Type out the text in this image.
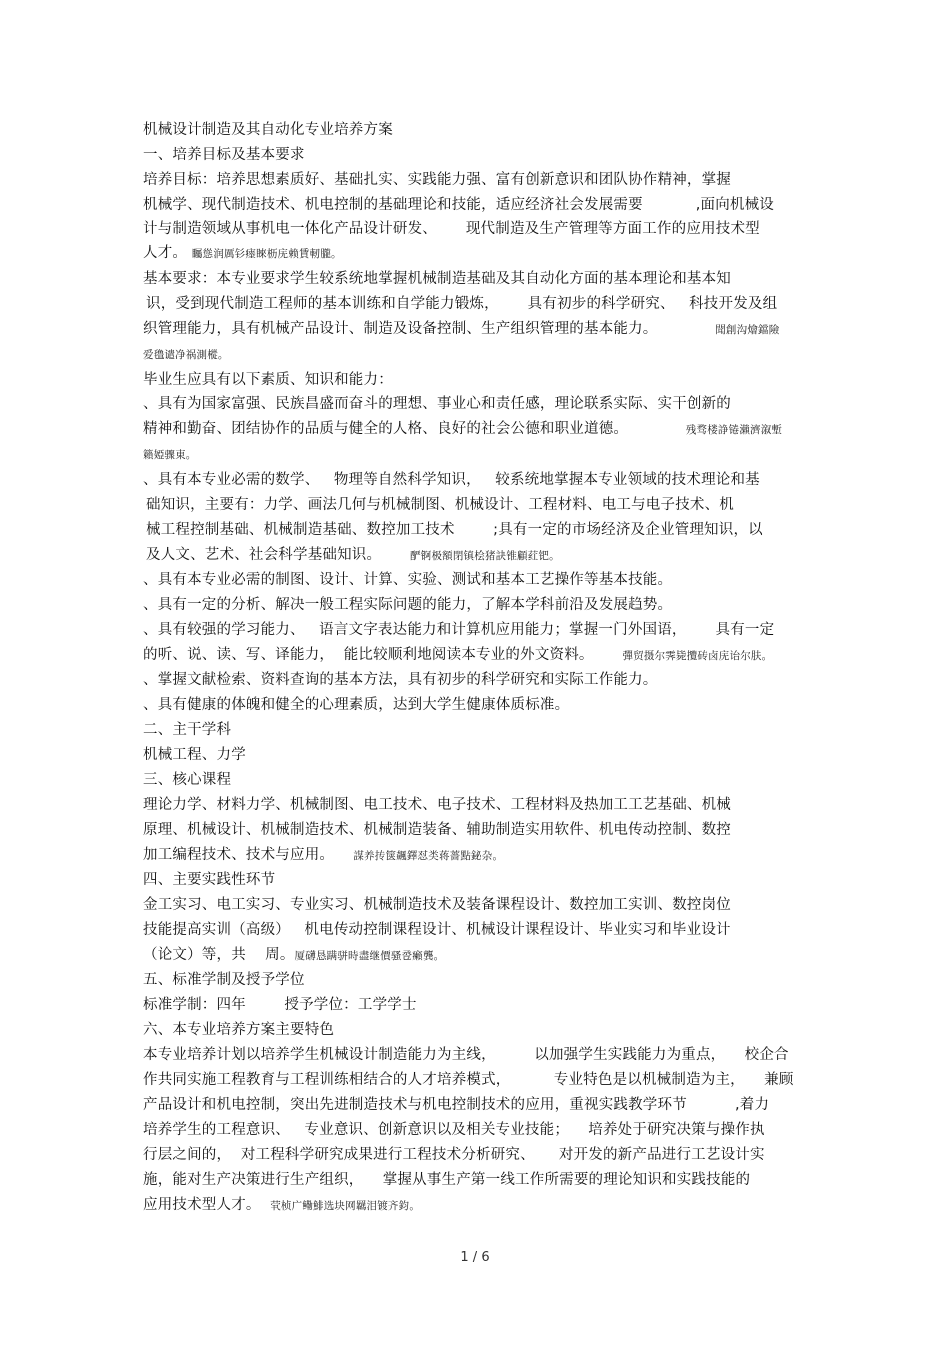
机械设计制造及其自动化专业培养方案
一、培养目标及基本要求
培养目标：培养思想素质好、基础扎实、实践能力强、富有创新意识和团队协作精神，掌握
机械学、现代制造技术、机电控制的基础理论和技能，适应经济社会发展需要           ,面向机械设
计与制造领域从事机电一体化产品设计研发、      现代制造及生产管理等方面工作的应用技术型
人才。 矚慫润厲钐瘗睞枥庑赖賃軔朧。
基本要求：本专业要求学生较系统地掌握机械制造基础及其自动化方面的基本理论和基本知
识，受到现代制造工程师的基本训练和自学能力锻炼，      具有初步的科学研究、   科技开发及组
织管理能力，具有机械产品设计、制造及设备控制、生产组织管理的基本能力。	聞創沟燴鐺險
爱氇谴净祸測樅。
毕业生应具有以下素质、知识和能力：
、具有为国家富强、民族昌盛而奋斗的理想、事业心和责任感，理论联系实际、实干创新的
精神和勤奋、团结协作的品质与健全的人格、良好的社会公德和职业道德。	残骛楼諍锩瀨濟溆塹
籟婭骤東。
、具有本专业必需的数学、   物理等自然科学知识，   较系统地掌握本专业领域的技术理论和基
础知识，主要有：力学、画法几何与机械制图、机械设计、工程材料、电工与电子技术、机
械工程控制基础、机械制造基础、数控加工技术        ;具有一定的市场经济及企业管理知识，以
及人文、艺术、社会科学基础知识。	酽锕极額閉镇桧猪訣锥顧荭钯。
、具有本专业必需的制图、设计、计算、实验、测试和基本工艺操作等基本技能。
、具有一定的分析、解决一般工程实际问题的能力，了解本学科前沿及发展趋势。
、具有较强的学习能力、   语言文字表达能力和计算机应用能力；掌握一门外国语，      具有一定
的听、说、读、写、译能力，  能比较顺利地阅读本专业的外文资料。	彈贸摄尔霁毙攬砖卤庑诒尔肤。
、掌握文献检索、资料查询的基本方法，具有初步的科学研究和实际工作能力。
、具有健康的体魄和健全的心理素质，达到大学生健康体质标准。
二、主干学科
机械工程、力学
三、核心课程
理论力学、材料力学、机械制图、电工技术、电子技术、工程材料及热加工工艺基础、机械
原理、机械设计、机械制造技术、机械制造装备、辅助制造实用软件、机电传动控制、数控
加工编程技术、技术与应用。 謀养抟箧飆鐸怼类蒋薔點鉍杂。
四、主要实践性环节
金工实习、电工实习、专业实习、机械制造技术及装备课程设计、数控加工实训、数控岗位
技能提高实训（高级）   机电传动控制课程设计、机械设计课程设计、毕业实习和毕业设计
（论文）等，共    周。厦礴恳蹒骈時盡继價骚卺癩龔。
五、标准学制及授予学位
标准学制：四年        授予学位：工学学士
六、本专业培养方案主要特色
本专业培养计划以培养学生机械设计制造能力为主线，        以加强学生实践能力为重点，    校企合
作共同实施工程教育与工程训练相结合的人才培养模式，         专业特色是以机械制造为主，    兼顾
产品设计和机电控制，突出先进制造技术与机电控制技术的应用，重视实践教学环节          ,着力
培养学生的工程意识、   专业意识、创新意识以及相关专业技能；    培养处于研究决策与操作执
行层之间的，  对工程科学研究成果进行工程技术分析研究、     对开发的新产品进行工艺设计实
施，能对生产决策进行生产组织，    掌握从事生产第一线工作所需要的理论知识和实践技能的
应用技术型人才。 茕桢广鳓鯡选块网羈泪镀齐鈞。
1 / 6
